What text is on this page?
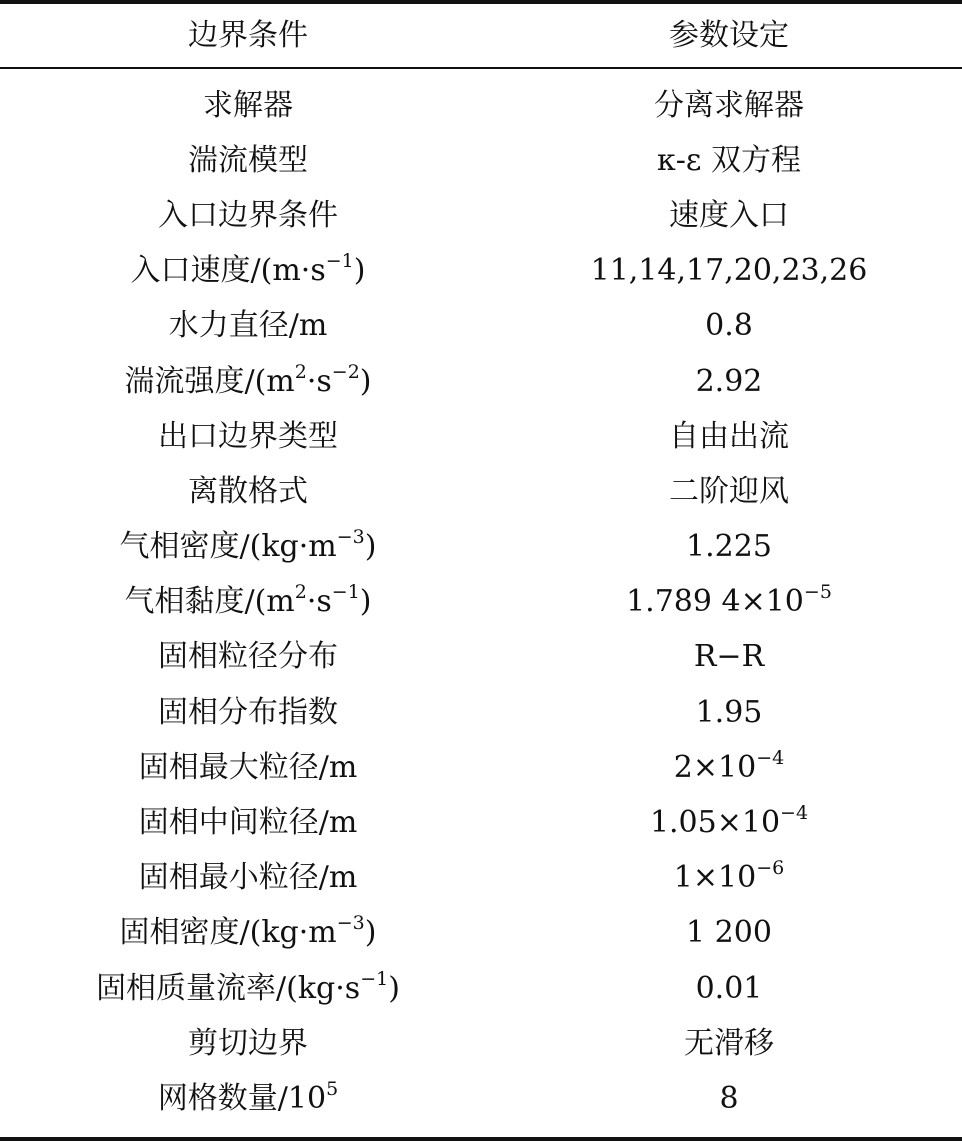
边界条件	参数设定
求解器	分离求解器
湍流模型	κ-ε 双方程
入口边界条件	速度入口
入口速度$/(m\cdot s^{-1})$	11,14,17,20,23,26
水力直径/m	0.8
湍流强度$/(m^2\cdot s^{-2})$	2.92
出口边界类型	自由出流
离散格式	二阶迎风
气相密度$/(kg\cdot m^{-3})$	1.225
气相黏度$/(m^2\cdot s^{-1})$	1.789 $4\times 10^{-5}$
固相粒径分布	R−R
固相分布指数	1.95
固相最大粒径/m	$2\times 10^{-4}$
固相中间粒径/m	$1.05\times 10^{-4}$
固相最小粒径/m	$1\times 10^{-6}$
固相密度$/(kg\cdot m^{-3})$	1 200
固相质量流率$/(kg\cdot s^{-1})$	0.01
剪切边界	无滑移
网格数量$/10^5$	8
